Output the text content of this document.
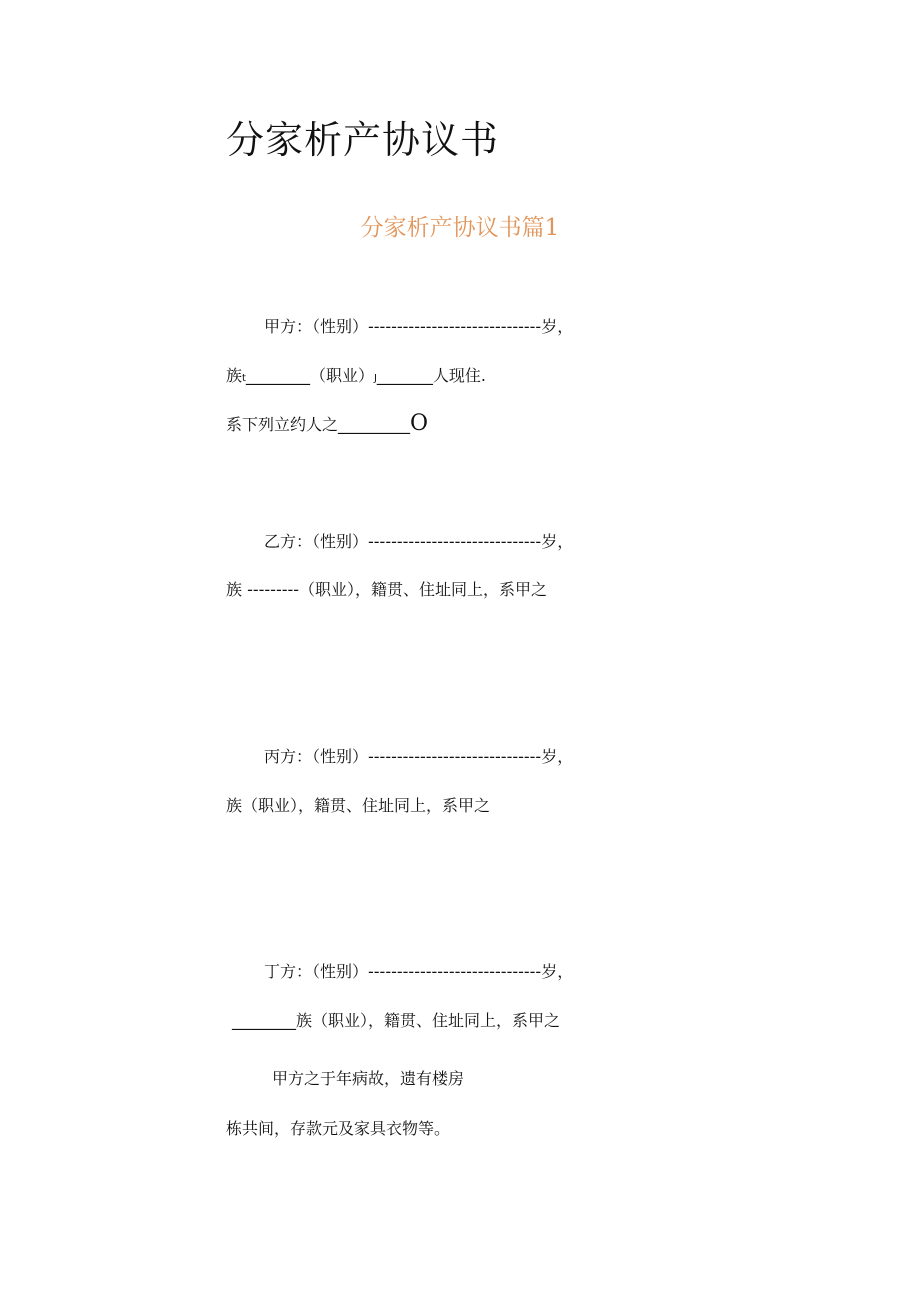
分家析产协议书
分家析产协议书篇1

甲方：（性别）------------------------------岁，

族t________（职业）J_______人现住.

系下列立约人之_________O

乙方：（性别）------------------------------岁，

族 ---------（职业），籍贯、住址同上，系甲之

丙方：（性别）------------------------------岁，

族（职业），籍贯、住址同上，系甲之

丁方：（性别）------------------------------岁，

________族（职业），籍贯、住址同上，系甲之

甲方之于年病故，遗有楼房

栋共间，存款元及家具衣物等。
